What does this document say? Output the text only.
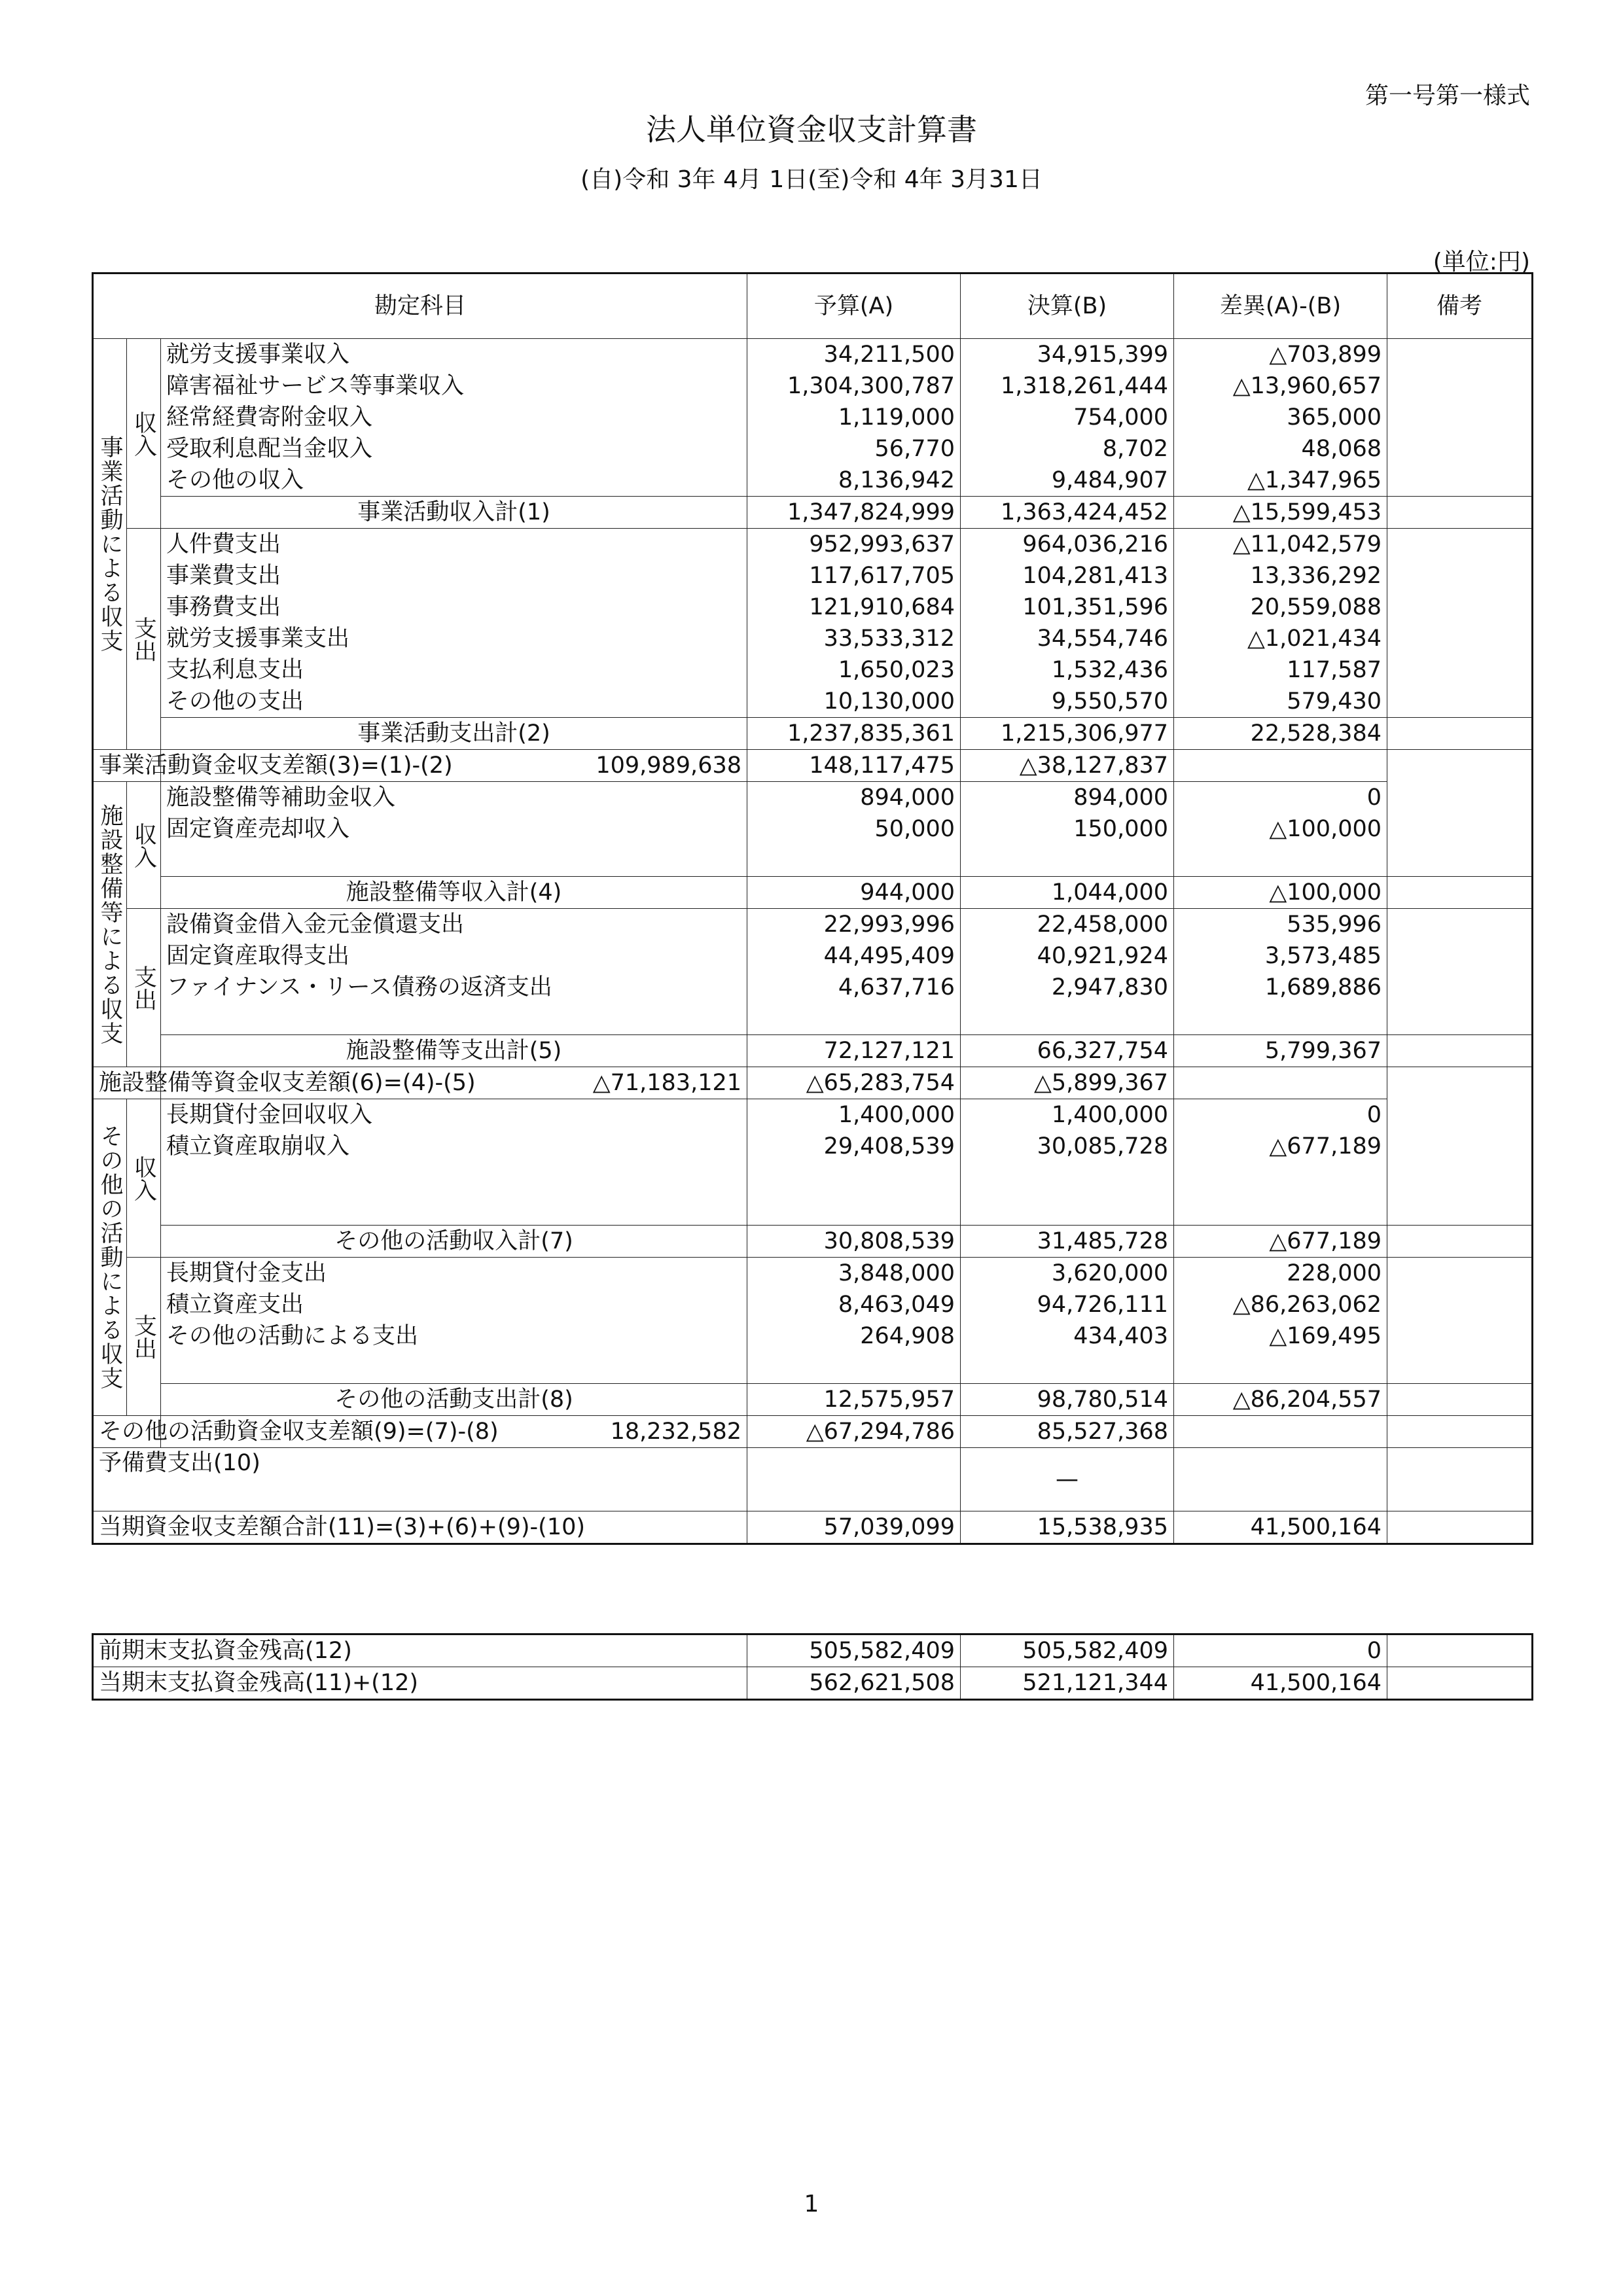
第一号第一様式
法人単位資金収支計算書
(自)令和 3年 4月 1日(至)令和 4年 3月31日
(単位:円)
勘定科目			予算(A)	決算(B)	差異(A)-(B)	備考
事業活動による収支	収入	就労支援事業収入	34,211,500	34,915,399	△703,899	
		障害福祉サービス等事業収入	1,304,300,787	1,318,261,444	△13,960,657	
		経常経費寄附金収入	1,119,000	754,000	365,000	
		受取利息配当金収入	56,770	8,702	48,068	
		その他の収入	8,136,942	9,484,907	△1,347,965	
		事業活動収入計(1)	1,347,824,999	1,363,424,452	△15,599,453	
	支出	人件費支出	952,993,637	964,036,216	△11,042,579	
		事業費支出	117,617,705	104,281,413	13,336,292	
		事務費支出	121,910,684	101,351,596	20,559,088	
		就労支援事業支出	33,533,312	34,554,746	△1,021,434	
		支払利息支出	1,650,023	1,532,436	117,587	
		その他の支出	10,130,000	9,550,570	579,430	
		事業活動支出計(2)	1,237,835,361	1,215,306,977	22,528,384	
事業活動資金収支差額(3)=(1)-(2)		109,989,638	148,117,475	△38,127,837		
施設整備等による収支	収入	施設整備等補助金収入	894,000	894,000	0	
		固定資産売却収入	50,000	150,000	△100,000	

		施設整備等収入計(4)	944,000	1,044,000	△100,000	
	支出	設備資金借入金元金償還支出	22,993,996	22,458,000	535,996	
		固定資産取得支出	44,495,409	40,921,924	3,573,485	
		ファイナンス・リース債務の返済支出	4,637,716	2,947,830	1,689,886	

		施設整備等支出計(5)	72,127,121	66,327,754	5,799,367	
施設整備等資金収支差額(6)=(4)-(5)		△71,183,121	△65,283,754	△5,899,367		
その他の活動による収支	収入	長期貸付金回収収入	1,400,000	1,400,000	0	
		積立資産取崩収入	29,408,539	30,085,728	△677,189	

		その他の活動収入計(7)	30,808,539	31,485,728	△677,189	
	支出	長期貸付金支出	3,848,000	3,620,000	228,000	
		積立資産支出	8,463,049	94,726,111	△86,263,062	
		その他の活動による支出	264,908	434,403	△169,495	

		その他の活動支出計(8)	12,575,957	98,780,514	△86,204,557	
その他の活動資金収支差額(9)=(7)-(8)		18,232,582	△67,294,786	85,527,368		
予備費支出(10)				—		
当期資金収支差額合計(11)=(3)+(6)+(9)-(10)			57,039,099	15,538,935	41,500,164	
前期末支払資金残高(12)	505,582,409	505,582,409	0	
当期末支払資金残高(11)+(12)	562,621,508	521,121,344	41,500,164	
1
